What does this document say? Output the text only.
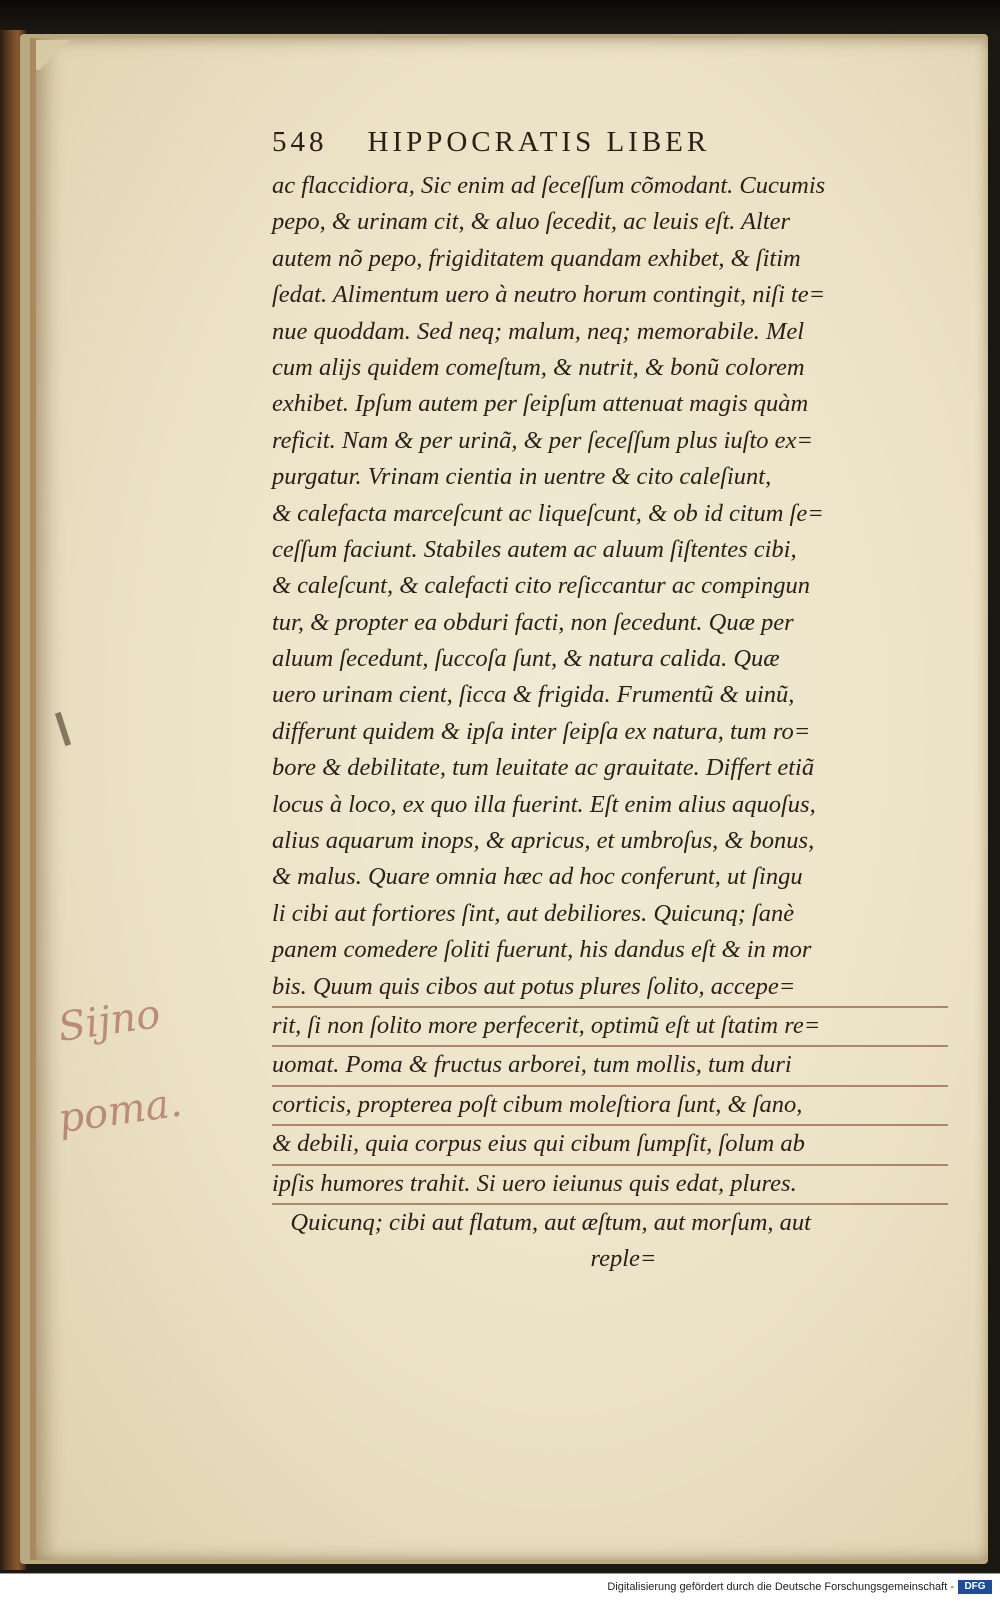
548 HIPPOCRATIS LIBER
ac flaccidiora, Sic enim ad ſeceſſum cõmodant. Cucumis
pepo, & urinam cit, & aluo ſecedit, ac leuis eſt. Alter
autem nõ pepo, frigiditatem quandam exhibet, & ſitim
ſedat. Alimentum uero à neutro horum contingit, niſi te=
nue quoddam. Sed neq; malum, neq; memorabile. Mel
cum alijs quidem comeſtum, & nutrit, & bonũ colorem
exhibet. Ipſum autem per ſeipſum attenuat magis quàm
reficit. Nam & per urinã, & per ſeceſſum plus iuſto ex=
purgatur. Vrinam cientia in uentre & cito caleſiunt,
& calefacta marceſcunt ac liqueſcunt, & ob id citum ſe=
ceſſum faciunt. Stabiles autem ac aluum ſiſtentes cibi,
& caleſcunt, & calefacti cito reſiccantur ac compingun
tur, & propter ea obduri facti, non ſecedunt. Quæ per
aluum ſecedunt, ſuccoſa ſunt, & natura calida. Quæ
uero urinam cient, ſicca & frigida. Frumentũ & uinũ,
differunt quidem & ipſa inter ſeipſa ex natura, tum ro=
bore & debilitate, tum leuitate ac grauitate. Differt etiã
locus à loco, ex quo illa fuerint. Eſt enim alius aquoſus,
alius aquarum inops, & apricus, et umbroſus, & bonus,
& malus. Quare omnia hæc ad hoc conferunt, ut ſingu
li cibi aut fortiores ſint, aut debiliores. Quicunq; ſanè
panem comedere ſoliti fuerunt, his dandus eſt & in mor
bis. Quum quis cibos aut potus plures ſolito, accepe=
rit, ſi non ſolito more perfecerit, optimũ eſt ut ſtatim re=
uomat. Poma & fructus arborei, tum mollis, tum duri
corticis, propterea poſt cibum moleſtiora ſunt, & ſano,
& debili, quia corpus eius qui cibum ſumpſit, ſolum ab
ipſis humores trahit. Si uero ieiunus quis edat, plures.
Quicunq; cibi aut flatum, aut æſtum, aut morſum, aut
reple=
Sijno
poma.
Digitalisierung gefördert durch die Deutsche Forschungsgemeinschaft -	DFG
